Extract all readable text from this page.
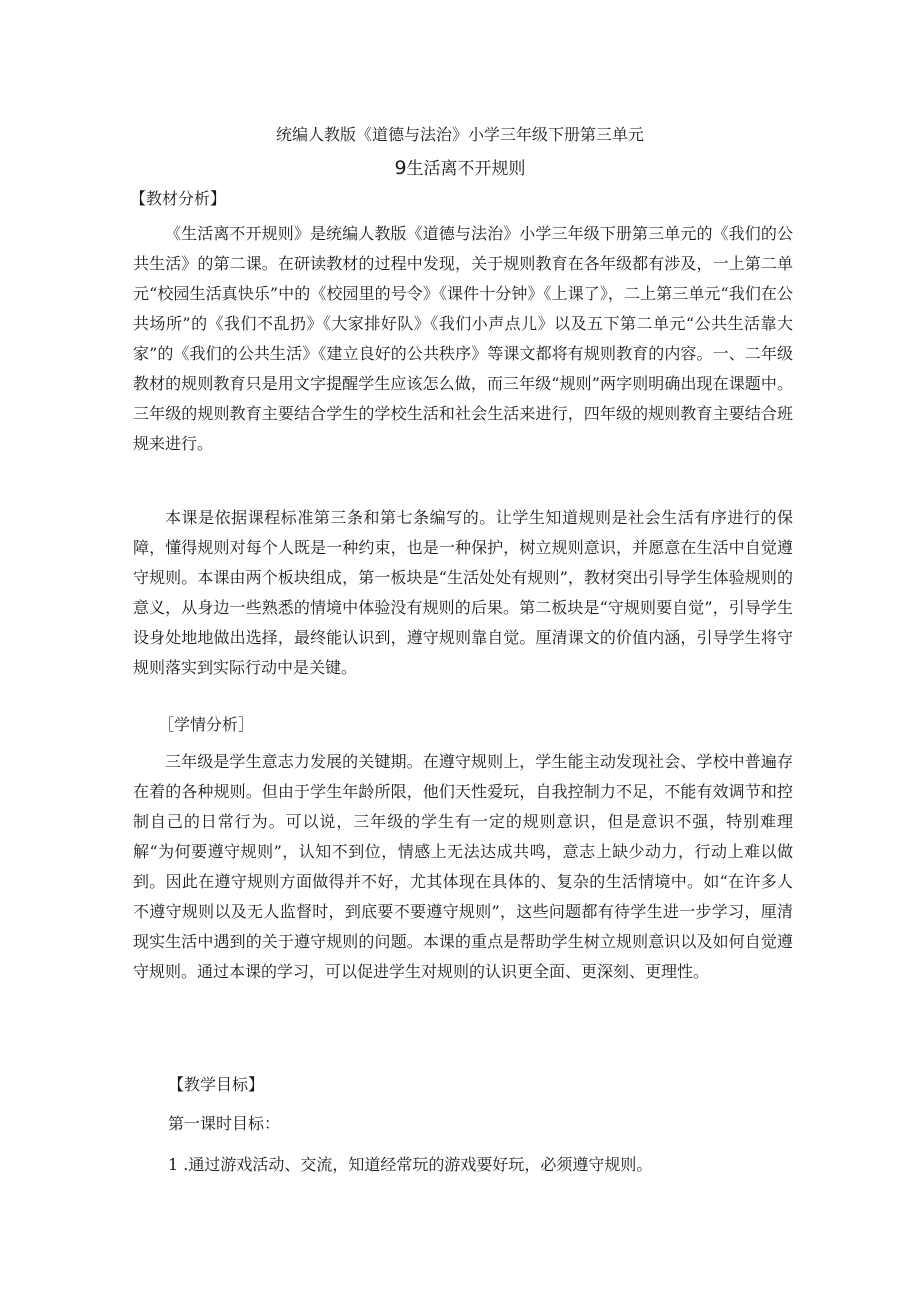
统编人教版《道德与法治》小学三年级下册第三单元
9生活离不开规则
【教材分析】

《生活离不开规则》是统编人教版《道德与法治》小学三年级下册第三单元的《我们的公共生活》的第二课。在研读教材的过程中发现，关于规则教育在各年级都有涉及，一上第二单元“校园生活真快乐”中的《校园里的号令》《课件十分钟》《上课了》，二上第三单元“我们在公共场所”的《我们不乱扔》《大家排好队》《我们小声点儿》以及五下第二单元“公共生活靠大家”的《我们的公共生活》《建立良好的公共秩序》等课文都将有规则教育的内容。一、二年级教材的规则教育只是用文字提醒学生应该怎么做，而三年级“规则”两字则明确出现在课题中。三年级的规则教育主要结合学生的学校生活和社会生活来进行，四年级的规则教育主要结合班规来进行。

本课是依据课程标准第三条和第七条编写的。让学生知道规则是社会生活有序进行的保障，懂得规则对每个人既是一种约束，也是一种保护，树立规则意识，并愿意在生活中自觉遵守规则。本课由两个板块组成，第一板块是“生活处处有规则”，教材突出引导学生体验规则的意义，从身边一些熟悉的情境中体验没有规则的后果。第二板块是“守规则要自觉”，引导学生设身处地地做出选择，最终能认识到，遵守规则靠自觉。厘清课文的价值内涵，引导学生将守规则落实到实际行动中是关键。

［学情分析］

三年级是学生意志力发展的关键期。在遵守规则上，学生能主动发现社会、学校中普遍存在着的各种规则。但由于学生年龄所限，他们天性爱玩，自我控制力不足，不能有效调节和控制自己的日常行为。可以说，三年级的学生有一定的规则意识，但是意识不强，特别难理解“为何要遵守规则”，认知不到位，情感上无法达成共鸣，意志上缺少动力，行动上难以做到。因此在遵守规则方面做得并不好，尤其体现在具体的、复杂的生活情境中。如“在许多人不遵守规则以及无人监督时，到底要不要遵守规则”，这些问题都有待学生进一步学习，厘清现实生活中遇到的关于遵守规则的问题。本课的重点是帮助学生树立规则意识以及如何自觉遵守规则。通过本课的学习，可以促进学生对规则的认识更全面、更深刻、更理性。

【教学目标】
第一课时目标：
1 .通过游戏活动、交流，知道经常玩的游戏要好玩，必须遵守规则。
